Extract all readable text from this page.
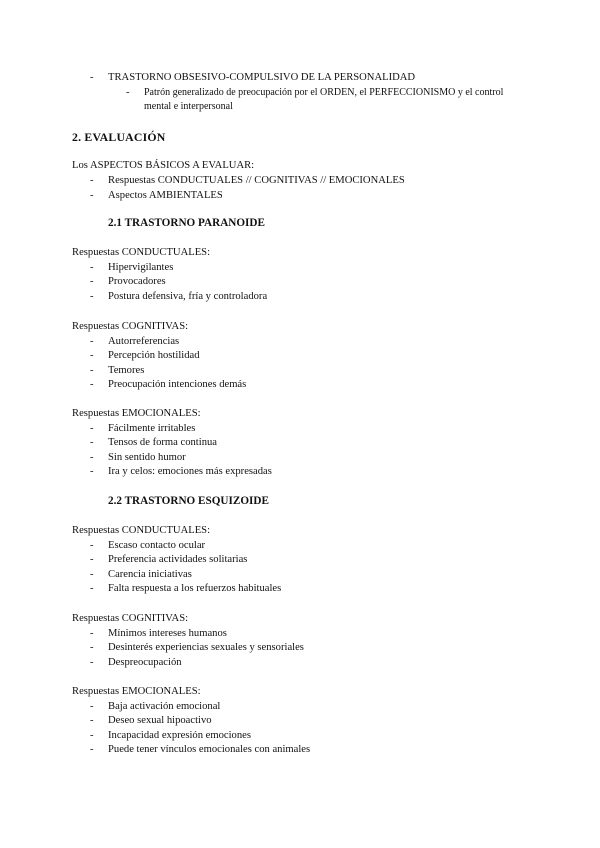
- TRASTORNO OBSESIVO-COMPULSIVO DE LA PERSONALIDAD
- Patrón generalizado de preocupación por el ORDEN, el PERFECCIONISMO y el control mental e interpersonal
2. EVALUACIÓN
Los ASPECTOS BÁSICOS A EVALUAR:
- Respuestas CONDUCTUALES // COGNITIVAS // EMOCIONALES
- Aspectos AMBIENTALES
2.1 TRASTORNO PARANOIDE
Respuestas CONDUCTUALES:
- Hipervigilantes
- Provocadores
- Postura defensiva, fría y controladora
Respuestas COGNITIVAS:
- Autorreferencias
- Percepción hostilidad
- Temores
- Preocupación intenciones demás
Respuestas EMOCIONALES:
- Fácilmente irritables
- Tensos de forma continua
- Sin sentido humor
- Ira y celos: emociones más expresadas
2.2 TRASTORNO ESQUIZOIDE
Respuestas CONDUCTUALES:
- Escaso contacto ocular
- Preferencia actividades solitarias
- Carencia iniciativas
- Falta respuesta a los refuerzos habituales
Respuestas COGNITIVAS:
- Mínimos intereses humanos
- Desinterés experiencias sexuales y sensoriales
- Despreocupación
Respuestas EMOCIONALES:
- Baja activación emocional
- Deseo sexual hipoactivo
- Incapacidad expresión emociones
- Puede tener vínculos emocionales con animales
